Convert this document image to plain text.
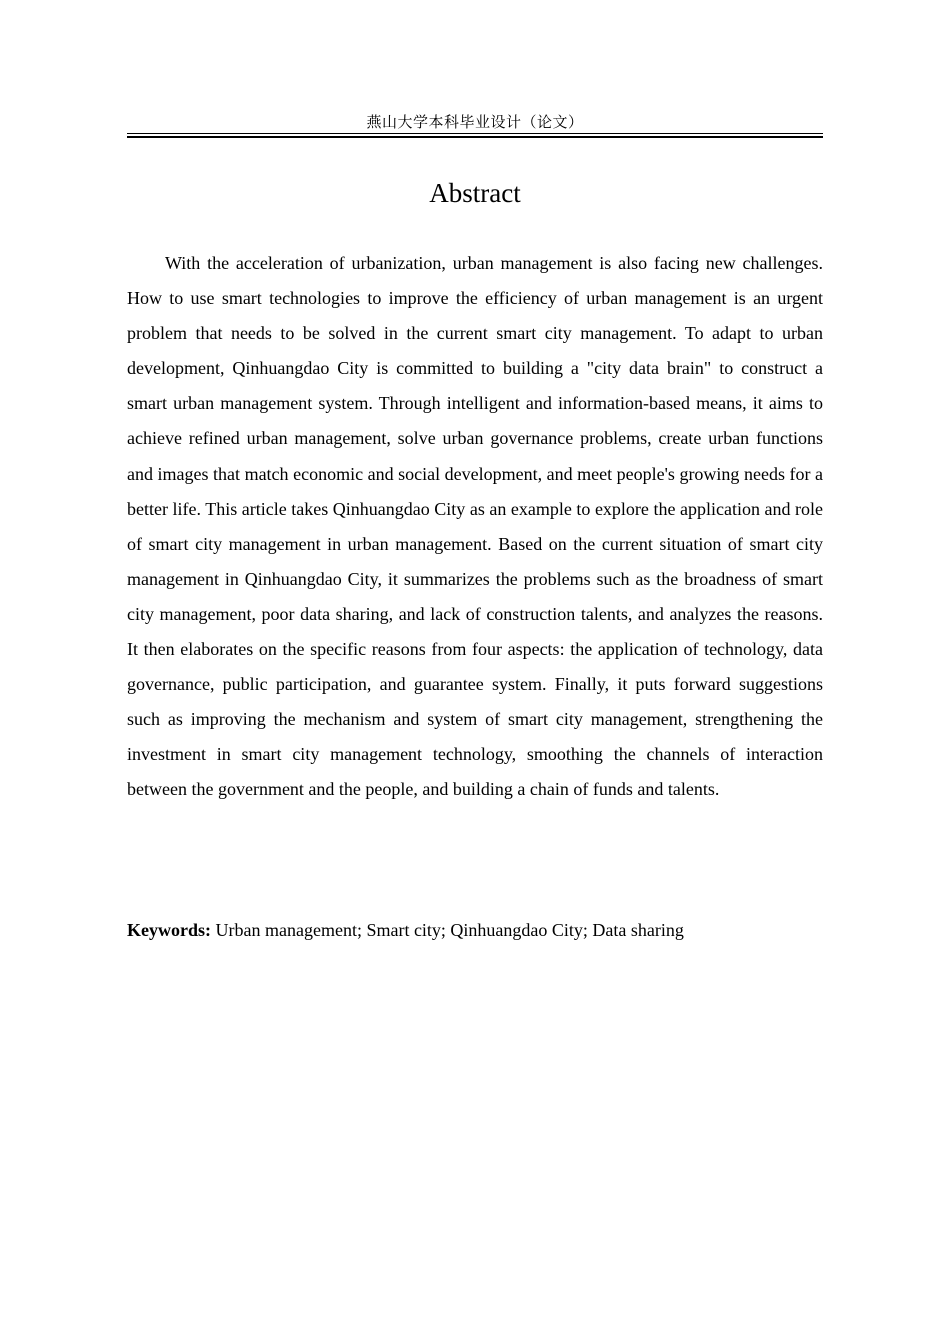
燕山大学本科毕业设计（论文）
Abstract

With the acceleration of urbanization, urban management is also facing new challenges. How to use smart technologies to improve the efficiency of urban management is an urgent problem that needs to be solved in the current smart city management. To adapt to urban development, Qinhuangdao City is committed to building a "city data brain" to construct a smart urban management system. Through intelligent and information-based means, it aims to achieve refined urban management, solve urban governance problems, create urban functions and images that match economic and social development, and meet people's growing needs for a better life. This article takes Qinhuangdao City as an example to explore the application and role of smart city management in urban management. Based on the current situation of smart city management in Qinhuangdao City, it summarizes the problems such as the broadness of smart city management, poor data sharing, and lack of construction talents, and analyzes the reasons. It then elaborates on the specific reasons from four aspects: the application of technology, data governance, public participation, and guarantee system. Finally, it puts forward suggestions such as improving the mechanism and system of smart city management, strengthening the investment in smart city management technology, smoothing the channels of interaction between the government and the people, and building a chain of funds and talents.

Keywords: Urban management; Smart city; Qinhuangdao City; Data sharing
